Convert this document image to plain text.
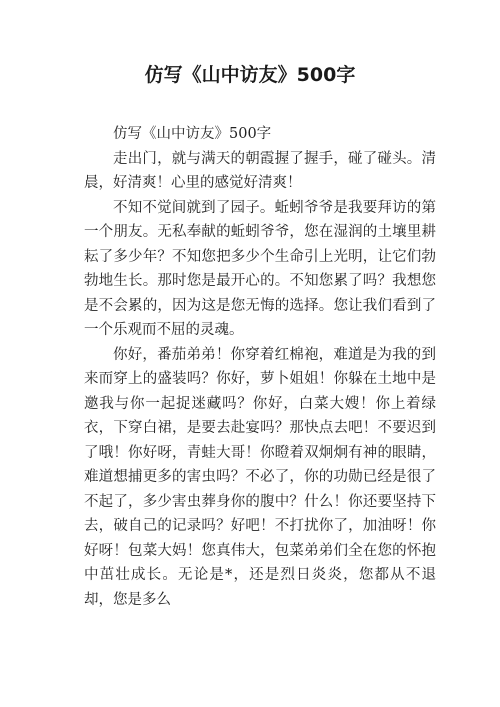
仿写《山中访友》500字

仿写《山中访友》500字

走出门，就与满天的朝霞握了握手，碰了碰头。清晨，好清爽！心里的感觉好清爽！

不知不觉间就到了园子。蚯蚓爷爷是我要拜访的第一个朋友。无私奉献的蚯蚓爷爷，您在湿润的土壤里耕耘了多少年？不知您把多少个生命引上光明，让它们勃勃地生长。那时您是最开心的。不知您累了吗？我想您是不会累的，因为这是您无悔的选择。您让我们看到了一个乐观而不屈的灵魂。

你好，番茄弟弟！你穿着红棉袍，难道是为我的到来而穿上的盛装吗？你好，萝卜姐姐！你躲在土地中是邀我与你一起捉迷藏吗？你好，白菜大嫂！你上着绿衣，下穿白裙，是要去赴宴吗？那快点去吧！不要迟到了哦！你好呀，青蛙大哥！你瞪着双炯炯有神的眼睛，难道想捕更多的害虫吗？不必了，你的功勋已经是很了不起了，多少害虫葬身你的腹中？什么！你还要坚持下去，破自己的记录吗？好吧！不打扰你了，加油呀！你好呀！包菜大妈！您真伟大，包菜弟弟们全在您的怀抱中茁壮成长。无论是*，还是烈日炎炎，您都从不退却，您是多么
